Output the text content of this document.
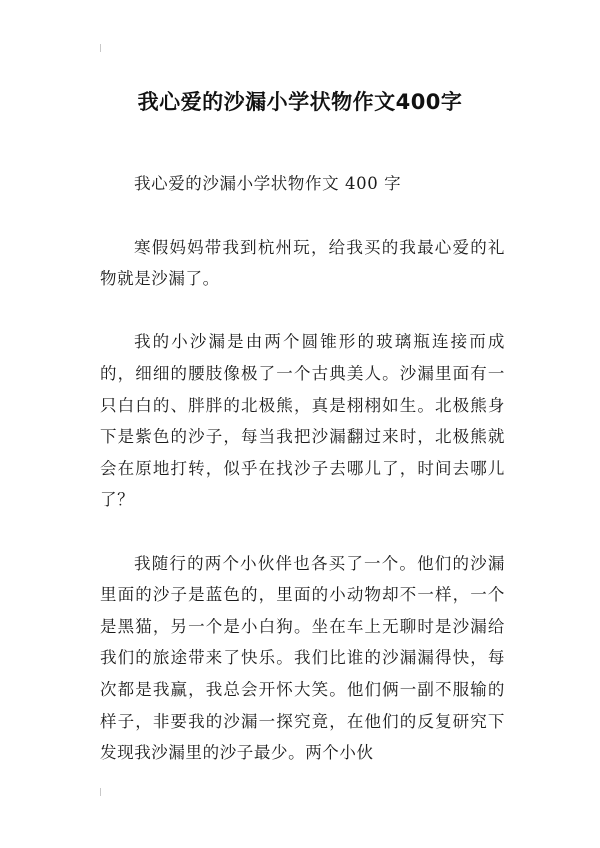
我心爱的沙漏小学状物作文400字

我心爱的沙漏小学状物作文 400 字

寒假妈妈带我到杭州玩，给我买的我最心爱的礼物就是沙漏了。

我的小沙漏是由两个圆锥形的玻璃瓶连接而成的，细细的腰肢像极了一个古典美人。沙漏里面有一只白白的、胖胖的北极熊，真是栩栩如生。北极熊身下是紫色的沙子，每当我把沙漏翻过来时，北极熊就会在原地打转，似乎在找沙子去哪儿了，时间去哪儿了？

我随行的两个小伙伴也各买了一个。他们的沙漏里面的沙子是蓝色的，里面的小动物却不一样，一个是黑猫，另一个是小白狗。坐在车上无聊时是沙漏给我们的旅途带来了快乐。我们比谁的沙漏漏得快，每次都是我赢，我总会开怀大笑。他们俩一副不服输的样子，非要我的沙漏一探究竟，在他们的反复研究下发现我沙漏里的沙子最少。两个小伙
